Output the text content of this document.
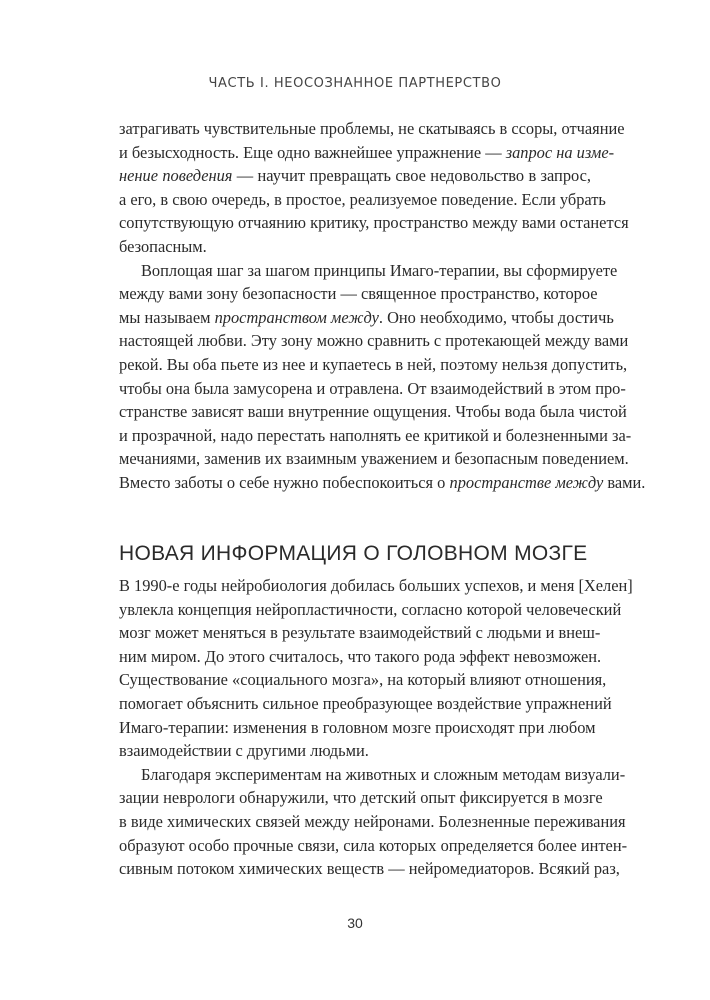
ЧАСТЬ I. НЕОСОЗНАННОЕ ПАРТНЕРСТВО
затрагивать чувствительные проблемы, не скатываясь в ссоры, отчаяние
и безысходность. Еще одно важнейшее упражнение — запрос на изме-
нение поведения — научит превращать свое недовольство в запрос,
а его, в свою очередь, в простое, реализуемое поведение. Если убрать
сопутствующую отчаянию критику, пространство между вами останется
безопасным.
Воплощая шаг за шагом принципы Имаго-терапии, вы сформируете
между вами зону безопасности — священное пространство, которое
мы называем пространством между. Оно необходимо, чтобы достичь
настоящей любви. Эту зону можно сравнить с протекающей между вами
рекой. Вы оба пьете из нее и купаетесь в ней, поэтому нельзя допустить,
чтобы она была замусорена и отравлена. От взаимодействий в этом про-
странстве зависят ваши внутренние ощущения. Чтобы вода была чистой
и прозрачной, надо перестать наполнять ее критикой и болезненными за-
мечаниями, заменив их взаимным уважением и безопасным поведением.
Вместо заботы о себе нужно побеспокоиться о пространстве между вами.
НОВАЯ ИНФОРМАЦИЯ О ГОЛОВНОМ МОЗГЕ
В 1990-е годы нейробиология добилась больших успехов, и меня [Хелен]
увлекла концепция нейропластичности, согласно которой человеческий
мозг может меняться в результате взаимодействий с людьми и внеш-
ним миром. До этого считалось, что такого рода эффект невозможен.
Существование «социального мозга», на который влияют отношения,
помогает объяснить сильное преобразующее воздействие упражнений
Имаго-терапии: изменения в головном мозге происходят при любом
взаимодействии с другими людьми.
Благодаря экспериментам на животных и сложным методам визуали-
зации неврологи обнаружили, что детский опыт фиксируется в мозге
в виде химических связей между нейронами. Болезненные переживания
образуют особо прочные связи, сила которых определяется более интен-
сивным потоком химических веществ — нейромедиаторов. Всякий раз,
30
